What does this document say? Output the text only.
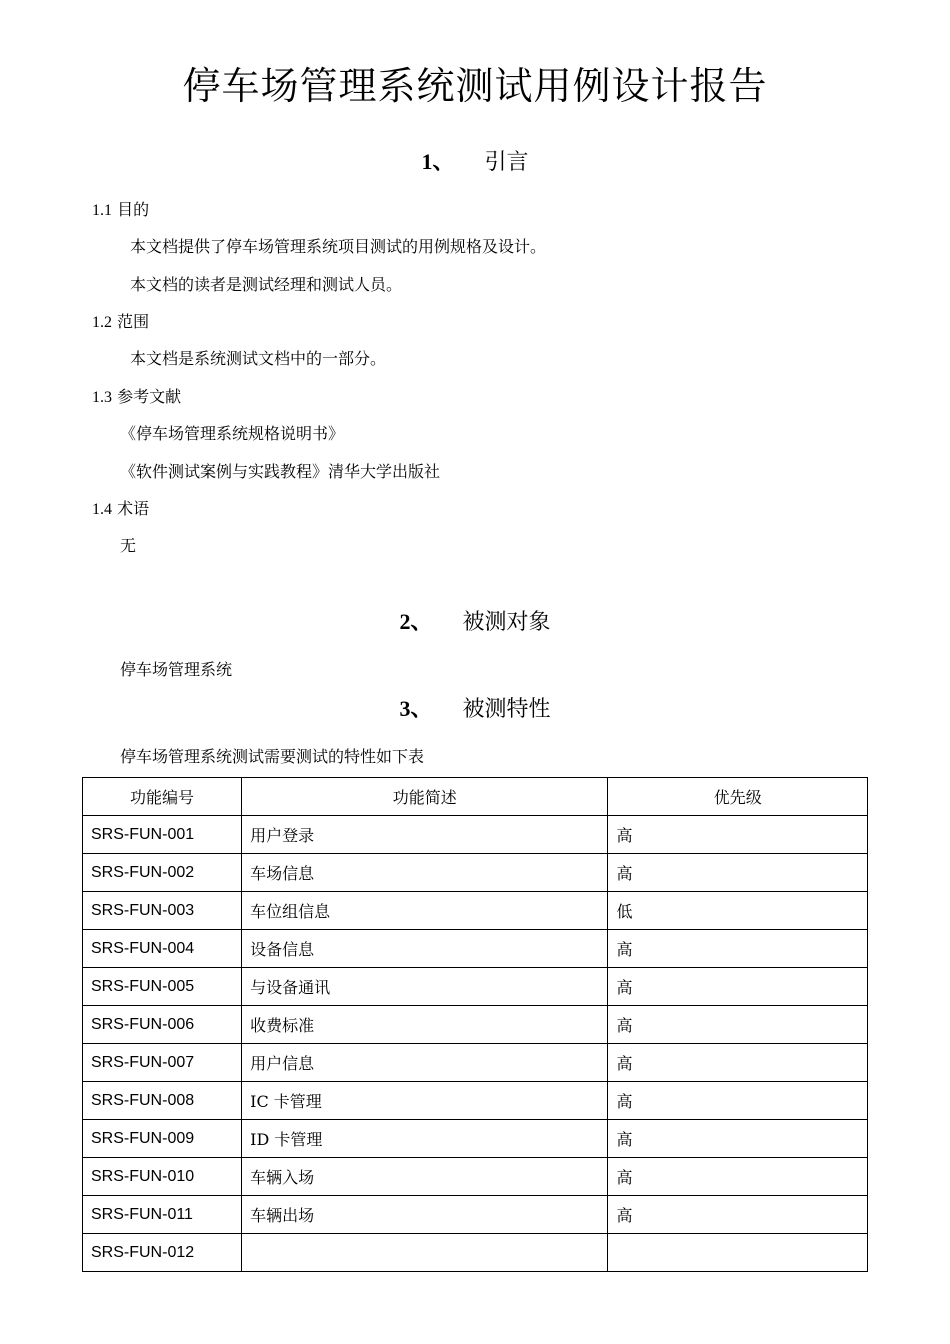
停车场管理系统测试用例设计报告
1、 引言
1.1 目的
本文档提供了停车场管理系统项目测试的用例规格及设计。
本文档的读者是测试经理和测试人员。
1.2 范围
本文档是系统测试文档中的一部分。
1.3 参考文献
《停车场管理系统规格说明书》
《软件测试案例与实践教程》清华大学出版社
1.4 术语
无
2、 被测对象
停车场管理系统
3、 被测特性
停车场管理系统测试需要测试的特性如下表
功能编号	功能简述	优先级
SRS-FUN-001	用户登录	高
SRS-FUN-002	车场信息	高
SRS-FUN-003	车位组信息	低
SRS-FUN-004	设备信息	高
SRS-FUN-005	与设备通讯	高
SRS-FUN-006	收费标准	高
SRS-FUN-007	用户信息	高
SRS-FUN-008	IC 卡管理	高
SRS-FUN-009	ID 卡管理	高
SRS-FUN-010	车辆入场	高
SRS-FUN-011	车辆出场	高
SRS-FUN-012		
